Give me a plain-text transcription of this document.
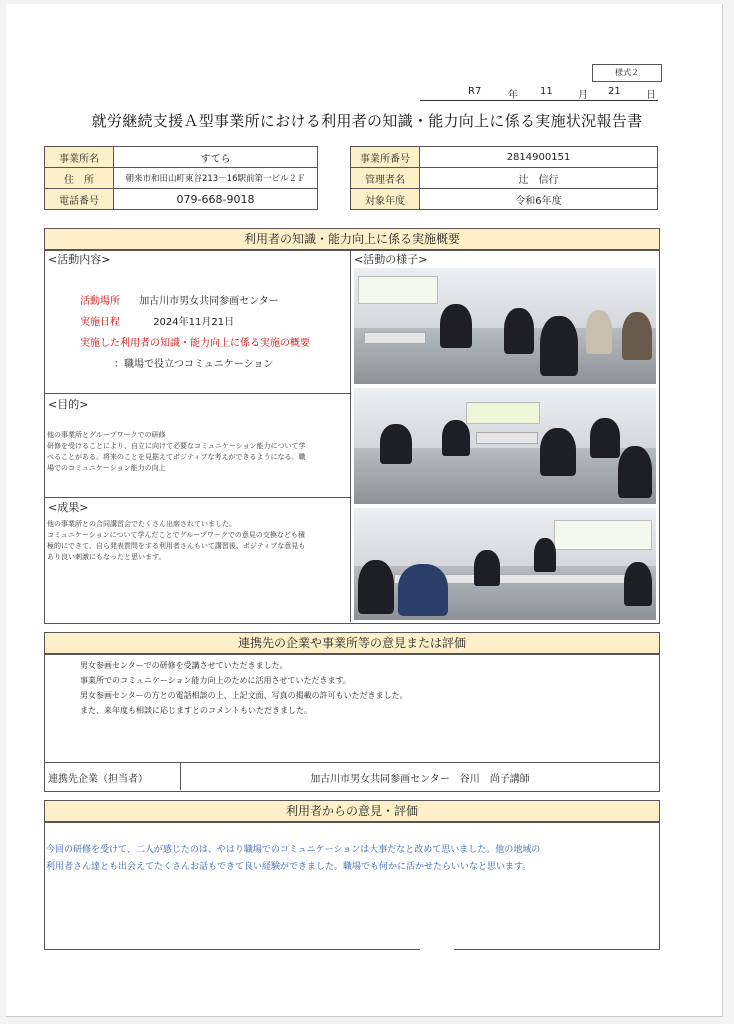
様式２
R7	年 11	月 21	日
就労継続支援Ａ型事業所における利用者の知識・能力向上に係る実施状況報告書
事業所名	すてら
住　所	朝来市和田山町東谷213－16駅前第一ビル２Ｆ
電話番号	079-668-9018
事業所番号	2814900151
管理者名	辻　信行
対象年度	令和6年度
利用者の知識・能力向上に係る実施概要
<活動内容>
活動場所 加古川市男女共同参画センター
実施日程	2024年11月21日
実施した利用者の知識・能力向上に係る実施の概要
：職場で役立つコミュニケーション
<目的>
他の事業所とグループワークでの研修
研修を受けることにより、自立に向けて必要なコミュニケーション能力について学
べることがある。将来のことを見据えてポジティブな考えができるようになる。職
場でのコミュニケーション能力の向上
<成果>
他の事業所との合同講習会でたくさん出席されていました。
コミュニケーションについて学んだことでグループワークでの意見の交換なども積
極的にできて、自ら発表質問をする利用者さんもいて講習後、ポジティブな意見も
あり良い刺激にもなったと思います。
<活動の様子>
連携先の企業や事業所等の意見または評価
男女参画センターでの研修を受講させていただきました。
事業所でのコミュニケーション能力向上のために活用させていただきます。
男女参画センターの方との電話相談の上、上記文面、写真の掲載の許可もいただきました。
また、来年度も相談に応じますとのコメントもいただきました。
連携先企業（担当者）	加古川市男女共同参画センター　谷川　尚子講師
利用者からの意見・評価
今回の研修を受けて、二人が感じたのは、やはり職場でのコミュニケーションは大事だなと改めて思いました。他の地域の
利用者さん達とも出会えてたくさんお話もできて良い経験ができました。職場でも何かに活かせたらいいなと思います。
